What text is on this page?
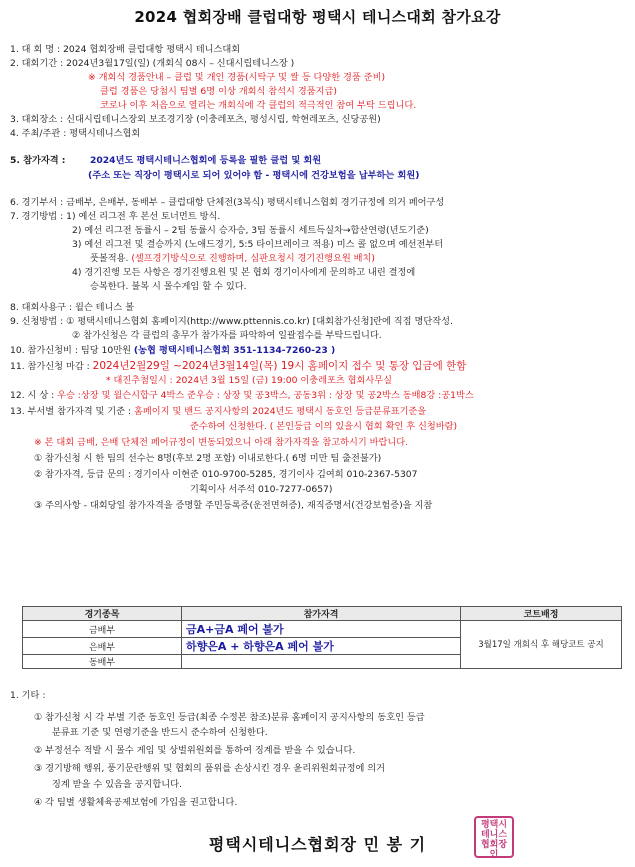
2024 협회장배 클럽대항 평택시 테니스대회 참가요강
1. 대 회 명 : 2024 협회장배 클럽대항 평택시 테니스대회
2. 대회기간 : 2024년3월17일(일) (개회식 08시 – 신대시립테니스장 )
※ 개회식 경품안내 – 클럽 및 개인 경품(시탁구 및 쌀 등 다양한 경품 준비)
클럽 경품은 당첨시 팀별 6명 이상 개회식 참석시 경품지급)
코로나 이후 처음으로 열리는 개회식에 각 클럽의 적극적인 참여 부탁 드립니다.
3. 대회장소 : 신대시립테니스장외 보조경기장 (이충레포츠, 평성시립, 학현레포츠, 신당공원)
4. 주최/주관 : 평택시테니스협회
5. 참가자격 :	2024년도 평택시테니스협회에 등록을 필한 클럽 및 회원
(주소 또는 직장이 평택시로 되어 있어야 함 - 평택시에 건강보험을 납부하는 회원)
6. 경기부서 : 금배부, 은배부, 동배부 – 클럽대항 단체전(3복식) 평택시테니스협회 경기규정에 의거 페어구성
7. 경기방법 : 1) 예선 리그전 후 본선 토너먼트 방식.
2) 예선 리그전 동률시 – 2팀 동률시 승자승, 3팀 동률시 세트득실차→합산연령(년도기준)
3) 예선 리그전 및 결승까지 (노애드경기, 5:5 타이브레이크 적용) 미스 콜 없으며 예선전부터
풋볼적용. (셀프경기방식으로 진행하며, 심판요청시 경기진행요원 배치)
4) 경기진행 모든 사항은 경기진행요원 및 본 협회 경기이사에게 문의하고 내린 결정에
승복한다. 불복 시 몰수게임 할 수 있다.
8. 대회사용구 : 윌슨 테니스 볼
9. 신청방법 : ① 평택시테니스협회 홈페이지(http://www.pttennis.co.kr) [대회참가신청]란에 직접 명단작성.
② 참가신청은 각 클럽의 총무가 참가자를 파악하여 일괄접수를 부탁드립니다.
10. 참가신청비 : 팀당 10만원 (농협 평택시테니스협회 351-1134-7260-23 )
11. 참가신청 마감 : 2024년2월29일 ~2024년3월14일(목) 19시 홈페이지 접수 및 통장 입금에 한함
* 대진추첨일시 : 2024년 3월 15일 (금) 19:00 이충레포츠 협회사무실
12. 시 상 : 우승 :상장 및 윌슨시합구 4박스 준우승 : 상장 및 공3박스, 공동3위 : 상장 및 공2박스 동배8강 :공1박스
13. 부서별 참가자격 및 기준 : 홈페이지 및 밴드 공지사항의 2024년도 평택시 동호인 등급분류표기준을
준수하여 신청한다. ( 본인등급 이의 있을시 협회 확인 후 신청바람)
※ 본 대회 금배, 은배 단체전 페어규정이 변동되었으니 아래 참가자격을 참고하시기 바랍니다.
① 참가신청 시 한 팀의 선수는 8명(후보 2명 포함) 이내로한다.( 6명 미만 팀 출전불가)
② 참가자격, 등급 문의 : 경기이사 이현준 010-9700-5285, 경기이사 김여희 010-2367-5307
기획이사 서주석 010-7277-0657)
③ 주의사항 - 대회당일 참가자격을 증명할 주민등록증(운전면허증), 재직증명서(건강보험증)을 지참
경기종목	참가자격	코트배정
금배부	금A+금A 페어 불가	3월17일 개회식 후 해당코트 공지
은배부	하향은A + 하향은A 페어 불가	
동배부		
1. 기타 :
① 참가신청 시 각 부별 기준 동호인 등급(최종 수정본 참조)분류 홈페이지 공지사항의 동호인 등급
분류표 기준 및 연령기준을 반드시 준수하여 신청한다.
② 부정선수 적발 시 몰수 게임 및 상벌위원회를 통하여 징계를 받을 수 있습니다.
③ 경기방해 행위, 풍기문란행위 및 협회의 품위를 손상시킨 경우 윤리위원회규정에 의거
징계 받을 수 있음을 공지합니다.
④ 각 팀별 생활체육공제보험에 가입을 권고합니다.
평택시테니스협회장인
평택시테니스협회장 민 봉 기
